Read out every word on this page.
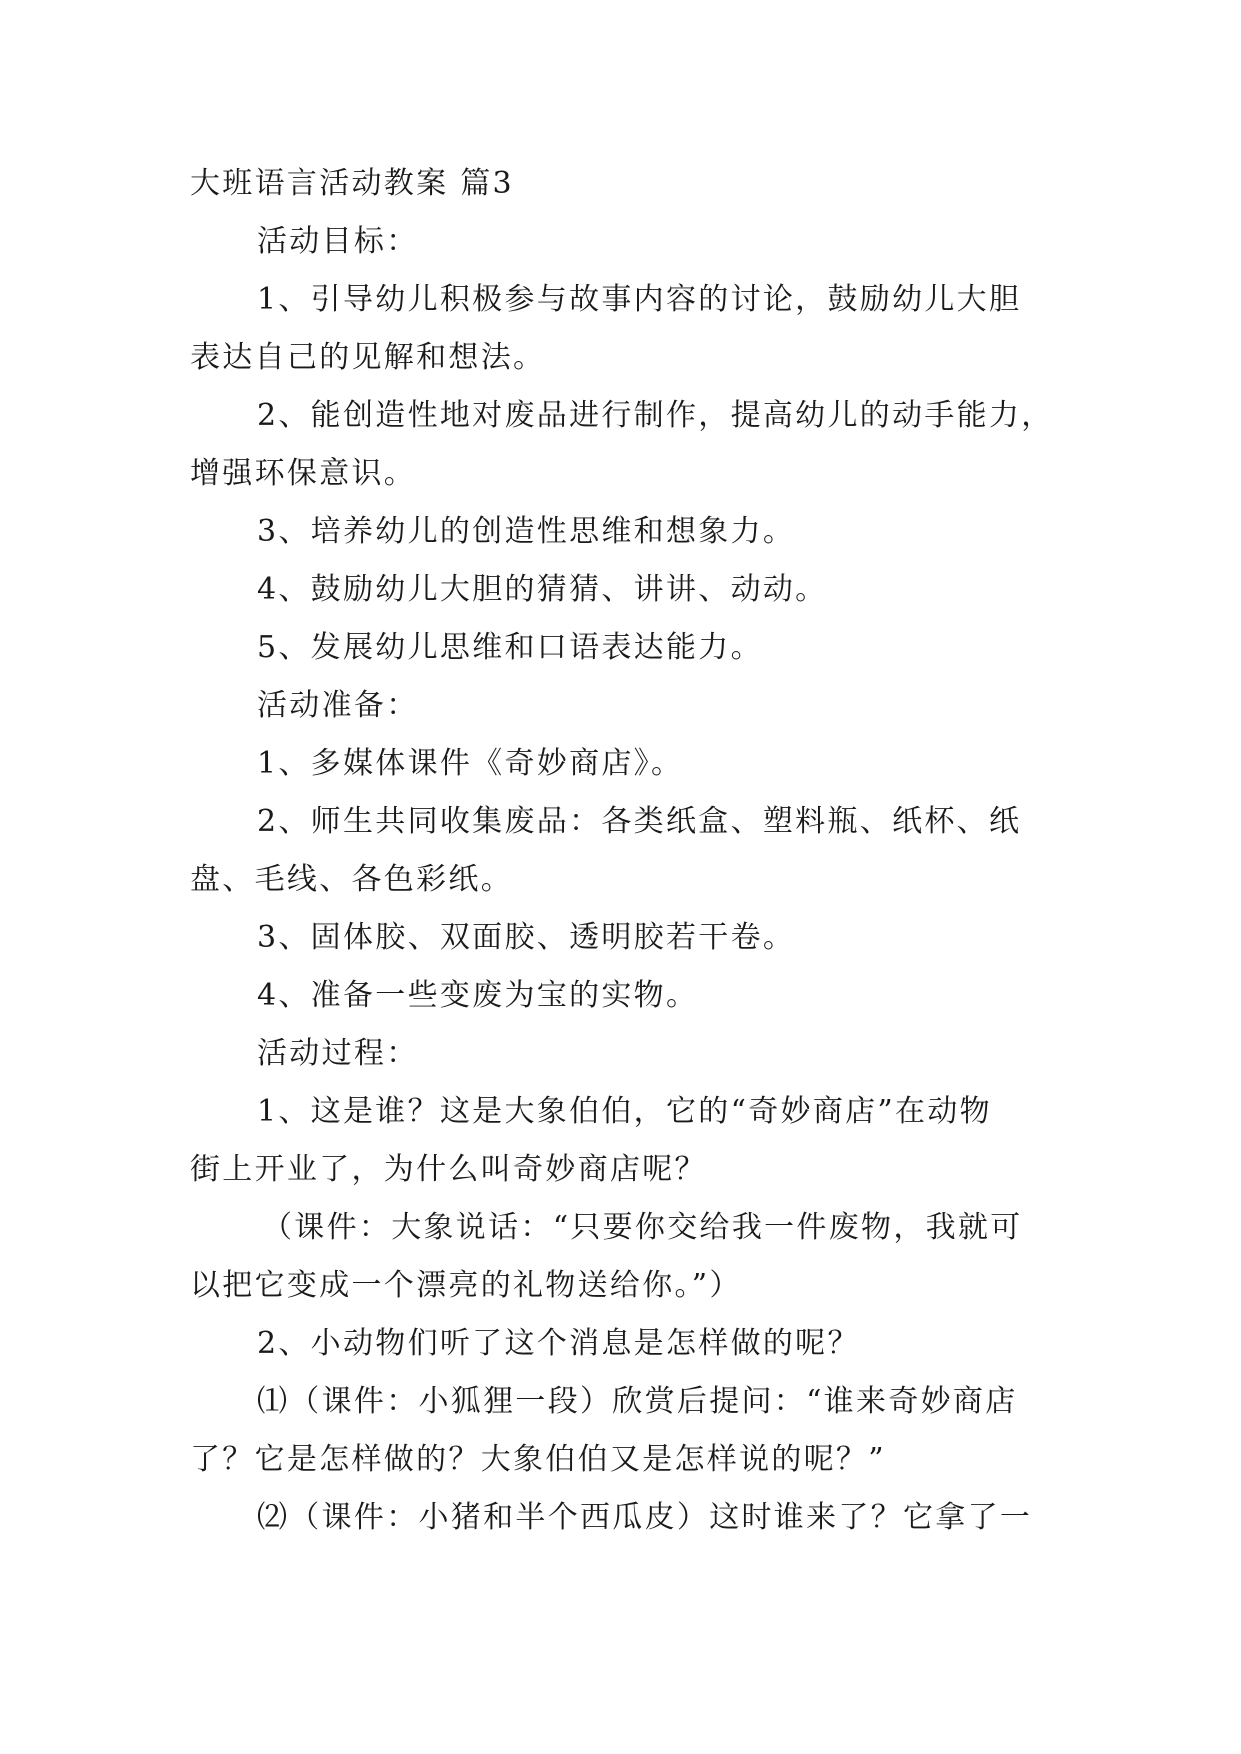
大班语言活动教案 篇3
活动目标：
1、引导幼儿积极参与故事内容的讨论，鼓励幼儿大胆
表达自己的见解和想法。
2、能创造性地对废品进行制作，提高幼儿的动手能力，
增强环保意识。
3、培养幼儿的创造性思维和想象力。
4、鼓励幼儿大胆的猜猜、讲讲、动动。
5、发展幼儿思维和口语表达能力。
活动准备：
1、多媒体课件《奇妙商店》。
2、师生共同收集废品：各类纸盒、塑料瓶、纸杯、纸
盘、毛线、各色彩纸。
3、固体胶、双面胶、透明胶若干卷。
4、准备一些变废为宝的实物。
活动过程：
1、这是谁？这是大象伯伯，它的“奇妙商店”在动物
街上开业了，为什么叫奇妙商店呢？
（课件：大象说话：“只要你交给我一件废物，我就可
以把它变成一个漂亮的礼物送给你。”）
2、小动物们听了这个消息是怎样做的呢？
⑴（课件：小狐狸一段）欣赏后提问：“谁来奇妙商店
了？它是怎样做的？大象伯伯又是怎样说的呢？”
⑵（课件：小猪和半个西瓜皮）这时谁来了？它拿了一
